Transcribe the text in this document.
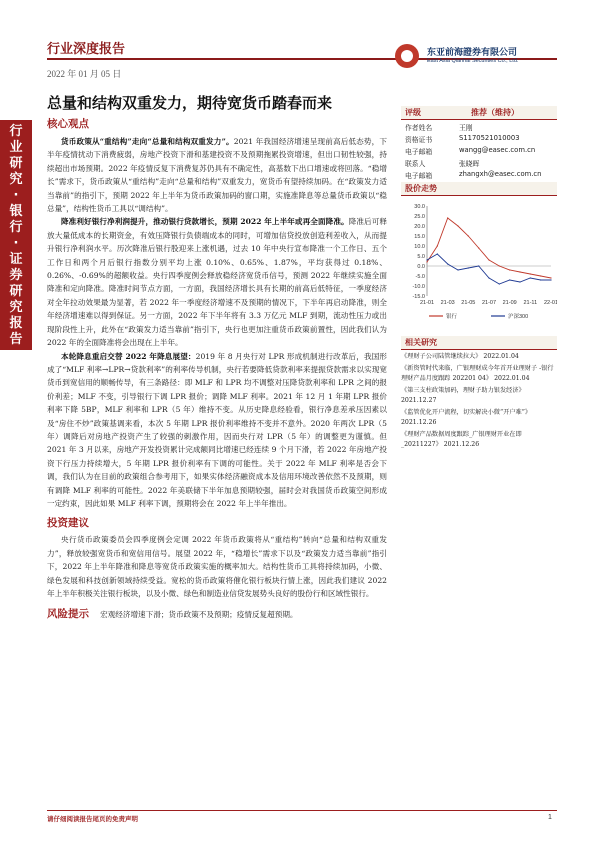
行业深度报告
2022 年 01 月 05 日
东亚前海證券有限公司
East Asia Qianhai Securities Co., Ltd.
行业研究·银行·证券研究报告
总量和结构双重发力，期待宽货币踏春而来
核心观点

货币政策从“重结构”走向“总量和结构双重发力”。2021 年我国经济增速呈现前高后低态势，下半年疫情扰动下消费疲弱，房地产投资下滑和基建投资不及预期拖累投资增速，但出口韧性较强，持续超出市场预期。2022 年疫情反复下消费复苏仍具有不确定性，高基数下出口增速或将回落。“稳增长”需求下，货币政策从“重结构”走向“总量和结构”双重发力，宽货币有望持续加码。在“政策发力适当靠前”的指引下，预期 2022 年上半年为货币政策加码的窗口期，实施准降息等总量货币政策以“稳总量”，结构性货币工具以“调结构”。

降准利好银行净利润提升，推动银行贷款增长，预期 2022 年上半年或再全面降准。降准后可释放大量低成本的长期资金，有效压降银行负债端成本的同时，可增加信贷投放创造利差收入，从而提升银行净利润水平。历次降准后银行股迎来上涨机遇，过去 10 年中央行宣布降准一个工作日、五个工作日和两个月后银行指数分别平均上涨 0.10%、0.65%、1.87%，平均获得过 0.18%、0.26%、-0.69%的超额收益。央行四季度例会释放稳经济宽货币信号，预测 2022 年继续实施全面降准和定向降准。降准时间节点方面，一方面，我国经济增长具有长期的前高后低特征，一季度经济对全年拉动效果最为显著，若 2022 年一季度经济增速不及预期的情况下，下半年再启动降准，则全年经济增速难以得到保证。另一方面，2022 年下半年将有 3.3 万亿元 MLF 到期，流动性压力或出现阶段性上升，此外在“政策发力适当靠前”指引下，央行也更加注重货币政策前置性，因此我们认为 2022 年的全面降准将会出现在上半年。

本轮降息重启交替 2022 年降息展望：2019 年 8 月央行对 LPR 形成机制进行改革后，我国形成了“MLF 利率→LPR→贷款利率”的利率传导机制，央行若要降低贷款利率来提振贷款需求以实现宽货币到宽信用的顺畅传导，有三条路径：即 MLF 和 LPR 均不调整对压降贷款利率和 LPR 之间的报价利差；MLF 不变，引导银行下调 LPR 报价；调降 MLF 利率。2021 年 12 月 1 年期 LPR 报价利率下降 5BP，MLF 利率和 LPR（5 年）维持不变。从历史降息经验看，银行净息差承压因素以及“房住不炒”政策基调来看，本次 5 年期 LPR 报价利率维持不变并不意外。2020 年两次 LPR（5 年）调降后对房地产投资产生了较强的刺激作用，因而央行对 LPR（5 年）的调整更为谨慎。但 2021 年 3 月以来，房地产开发投资累计完成额同比增速已经连续 9 个月下滑，若 2022 年房地产投资下行压力持续增大，5 年期 LPR 报价利率有下调的可能性。关于 2022 年 MLF 利率是否会下调，我们认为在目前的政策组合参考用下，如果实体经济融资成本及信用环境改善依然不及预期，则有调降 MLF 利率的可能性。2022 年美联储下半年加息预期较强，届时会对我国货币政策空间形成一定约束，因此如果 MLF 利率下调，预期将会在 2022 年上半年推出。

投资建议

央行货币政策委员会四季度例会定调 2022 年货币政策将从“重结构”转向“总量和结构双重发力”，释放较强宽货币和宽信用信号。展望 2022 年，“稳增长”需求下以及“政策发力适当靠前”指引下，2022 年上半年降准和降息等宽货币政策实施的概率加大。结构性货币工具将持续加码，小微、绿色发展和科技创新领域持续受益。宽松的货币政策将催化银行板块行情上涨，因此我们建议 2022 年上半年积极关注银行板块，以及小微、绿色和制造业信贷发展势头良好的股份行和区域性银行。

风险提示 宏观经济增速下滑；货币政策不及预期；疫情反复超预期。
评级	推荐（维持）
作者姓名	王刚
资格证书	S1170521010003
电子邮箱	wangg@easec.com.cn
联系人	张晓晖
电子邮箱	zhangxh@easec.com.cn
股价走势
30.0
25.0
20.0
15.0
10.0
5.0
0.0
-5.0
-10.0
-15.0
21-01 21-03 21-05 21-07 21-09 21-11 22-01
银行	沪深300
相关研究
《理财子公司陆管继续拉大》 2022.01.04
《新资管时代来临，广银理财成今年首开业理财子 -银行理财产品月度跟踪 202201 04》 2022.01.04
《第三支柱政策加码，理财子助力银发经济》 2021.12.27
《监管优化开户流程，切实解决小微“开户难”》 2021.12.26
《理财产品数据周度跟踪_广银理财开业在即_20211227》 2021.12.26
请仔细阅读报告尾页的免责声明	1
